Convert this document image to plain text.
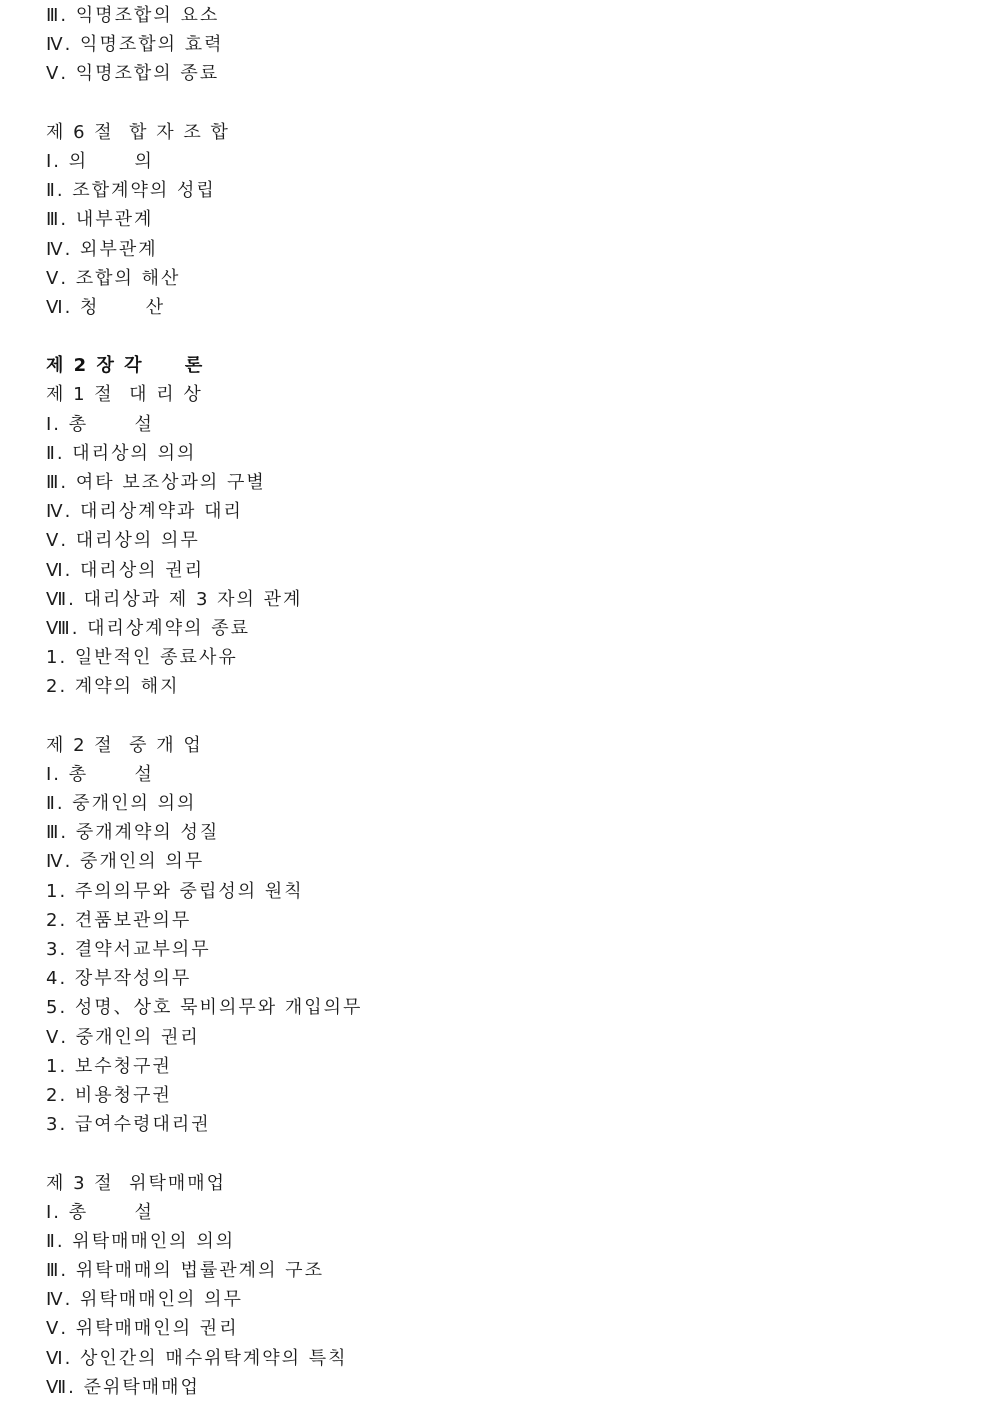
Ⅲ. 익명조합의 요소
Ⅳ. 익명조합의 효력
Ⅴ. 익명조합의 종료
제 6 절  합 자 조 합
Ⅰ. 의      의
Ⅱ. 조합계약의 성립
Ⅲ. 내부관계
Ⅳ. 외부관계
Ⅴ. 조합의 해산
Ⅵ. 청      산
제 2 장 각     론
제 1 절  대 리 상
Ⅰ. 총      설
Ⅱ. 대리상의 의의
Ⅲ. 여타 보조상과의 구별
Ⅳ. 대리상계약과 대리
Ⅴ. 대리상의 의무
Ⅵ. 대리상의 권리
Ⅶ. 대리상과 제 3 자의 관계
Ⅷ. 대리상계약의 종료
1. 일반적인 종료사유
2. 계약의 해지
제 2 절  중 개 업
Ⅰ. 총      설
Ⅱ. 중개인의 의의
Ⅲ. 중개계약의 성질
Ⅳ. 중개인의 의무
1. 주의의무와 중립성의 원칙
2. 견품보관의무
3. 결약서교부의무
4. 장부작성의무
5. 성명、상호 묵비의무와 개입의무
Ⅴ. 중개인의 권리
1. 보수청구권
2. 비용청구권
3. 급여수령대리권
제 3 절  위탁매매업
Ⅰ. 총      설
Ⅱ. 위탁매매인의 의의
Ⅲ. 위탁매매의 법률관계의 구조
Ⅳ. 위탁매매인의 의무
Ⅴ. 위탁매매인의 권리
Ⅵ. 상인간의 매수위탁계약의 특칙
Ⅶ. 준위탁매매업
